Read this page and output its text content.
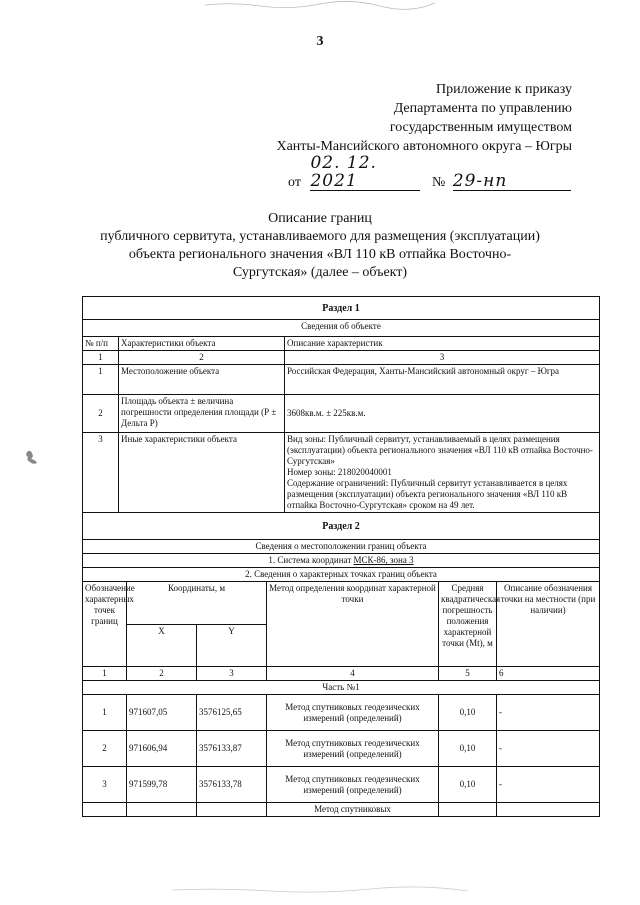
3
Приложение к приказу
Департамента по управлению
государственным имуществом
Ханты-Мансийского автономного округа – Югры
от 02. 12. 2021	№ 29-нп
Описание границ
публичного сервитута, устанавливаемого для размещения (эксплуатации)
объекта регионального значения «ВЛ 110 кВ отпайка Восточно-
Сургутская» (далее – объект)
Раздел 1		
Сведения об объекте		
№ п/п	Характеристики объекта	Описание характеристик
1	2	3
1	Местоположение объекта	Российская Федерация, Ханты-Мансийский автономный округ – Югра
2	Площадь объекта ± величина погрешности определения площади (Р ± Дельта Р)	3608кв.м. ± 225кв.м.
3	Иные характеристики объекта	Вид зоны: Публичный сервитут, устанавливаемый в целях размещения (эксплуатации) объекта регионального значения «ВЛ 110 кВ отпайка Восточно-Сургутская»
Номер зоны: 218020040001
Содержание ограничений: Публичный сервитут устанавливается в целях размещения (эксплуатации) объекта регионального значения «ВЛ 110 кВ отпайка Восточно-Сургутская» сроком на 49 лет.

Раздел 2		
Сведения о местоположении границ объекта					
1. Система координат МСК-86, зона 3					
2. Сведения о характерных точках границ объекта					
Обозначение характерных точек границ	Координаты, м		Метод определения координат характерной точки	Средняя квадратическая погрешность положения характерной точки (Mt), м	Описание обозначения точки на местности (при наличии)
	X	Y			
1	2	3	4	5	6
Часть №1					
1	971607,05	3576125,65	Метод спутниковых геодезических измерений (определений)	0,10	-
2	971606,94	3576133,87	Метод спутниковых геодезических измерений (определений)	0,10	-
3	971599,78	3576133,78	Метод спутниковых геодезических измерений (определений)	0,10	-
			Метод спутниковых		
